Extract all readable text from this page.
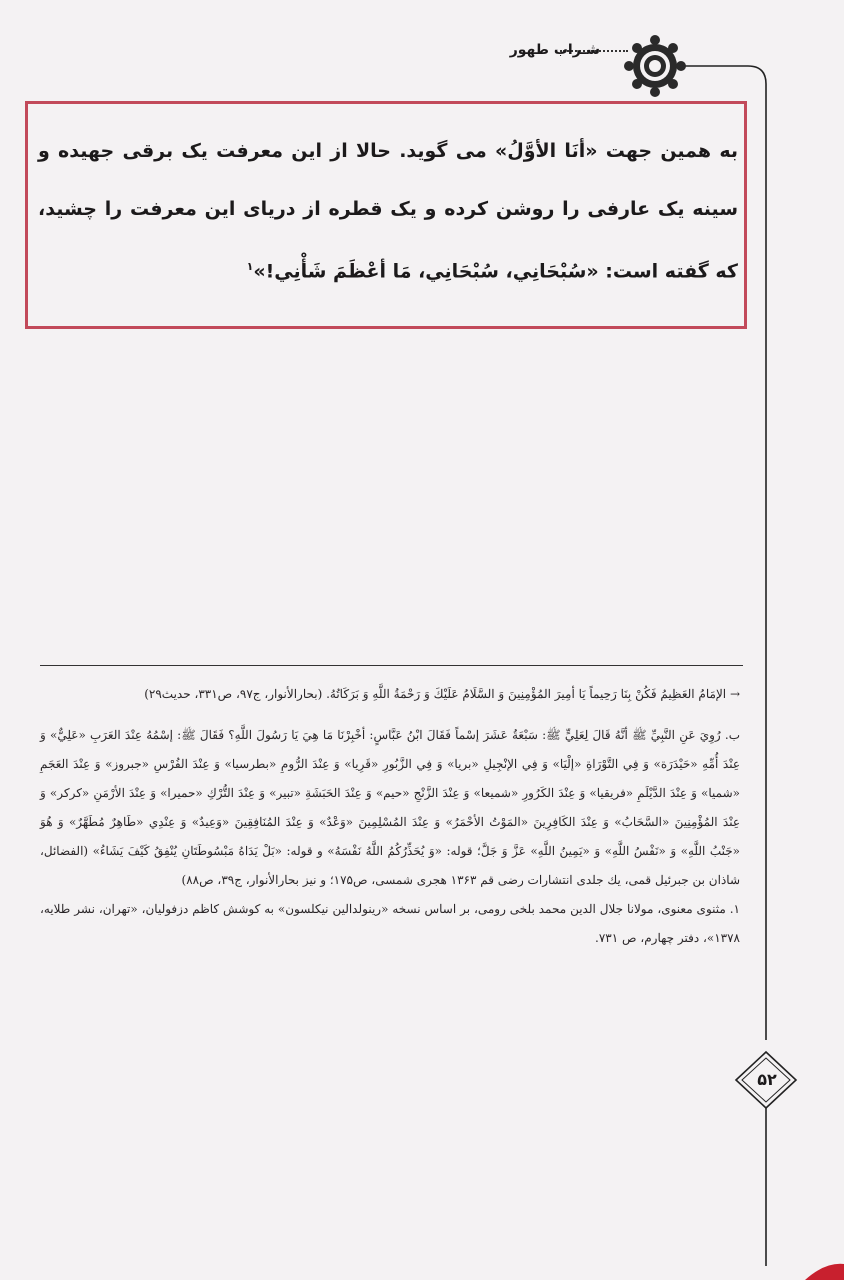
شـراب طهور
۵۲

به همین جهت «أنَا الأوَّلُ» می گوید. حالا از این معرفت یک برقی جهیده و سینه یک عارفی را روشن کرده و یک قطره از دریای این معرفت را چشید، که گفته است: «سُبْحَانِي، سُبْحَانِي، مَا أعْظَمَ شَأْنِي!»$^۱$

→ الإمَامُ العَظِيمُ فَكُنْ بِنَا رَحِيماً يَا أمِيرَ المُؤْمِنِينَ وَ السَّلَامُ عَلَيْكَ وَ رَحْمَةُ اللَّهِ وَ بَرَكَاتُهُ. (بحارالأنوار، ج۹۷، ص۳۳۱، حدیث۲۹)

ب. رُوِيَ عَنِ النَّبِيِّ ﷺ أنَّهُ قَالَ لِعَلِيٍّ ﷺ: سَبْعَةُ عَشَرَ إسْماً فَقَالَ ابْنُ عَبَّاسٍ: أخْبِرْنَا مَا هِيَ يَا رَسُولَ اللَّهِ؟ فَقَالَ ﷺ: إسْمُهُ عِنْدَ العَرَبِ «عَلِيٌّ» وَ عِنْدَ أُمِّهِ «حَيْدَرَة» وَ فِي التَّوْرَاةِ «إلْيَا» وَ فِي الإنْجِيلِ «بريا» وَ فِي الزَّبُورِ «قَرِيا» وَ عِنْدَ الرُّومِ «بطرسيا» وَ عِنْدَ الفُرْسِ «جبروز» وَ عِنْدَ العَجَمِ «شميا» وَ عِنْدَ الدَّيْلَمِ «فريقيا» وَ عِنْدَ الكَرُورِ «شميعا» وَ عِنْدَ الزَّنْجِ «حيم» وَ عِنْدَ الحَبَشَةِ «تبير» وَ عِنْدَ التُّرْكِ «حميرا» وَ عِنْدَ الأرْمَنِ «كركر» وَ عِنْدَ المُؤْمِنِينَ «السَّحَابُ» وَ عِنْدَ الكَافِرِينَ «المَوْتُ الأحْمَرُ» وَ عِنْدَ المُسْلِمِينَ «وَعْدٌ» وَ عِنْدَ المُنَافِقِينَ «وَعِيدٌ» وَ عِنْدِي «طَاهِرٌ مُطَهَّرٌ» وَ هُوَ «جَنْبُ اللَّهِ» وَ «نَفْسُ اللَّهِ» وَ «يَمِينُ اللَّهِ» عَزَّ وَ جَلَّ؛ قوله: «وَ يُحَذِّرُكُمُ اللَّهُ نَفْسَهُ» و قوله: «بَلْ يَدَاهُ مَبْسُوطَتَانِ يُنْفِقُ كَيْفَ يَشَاءُ» (الفضائل، شاذان بن جبرئیل قمی، یك جلدی انتشارات رضی قم ۱۳۶۳ هجری شمسی، ص۱۷۵؛ و نیز بحارالأنوار، ج۳۹، ص۸۸)

۱. مثنوی معنوی، مولانا جلال الدین محمد بلخی رومی، بر اساس نسخه «رینولدالین نیکلسون» به کوشش کاظم دزفولیان، «تهران، نشر طلایه، ۱۳۷۸»، دفتر چهارم، ص ۷۳۱.
